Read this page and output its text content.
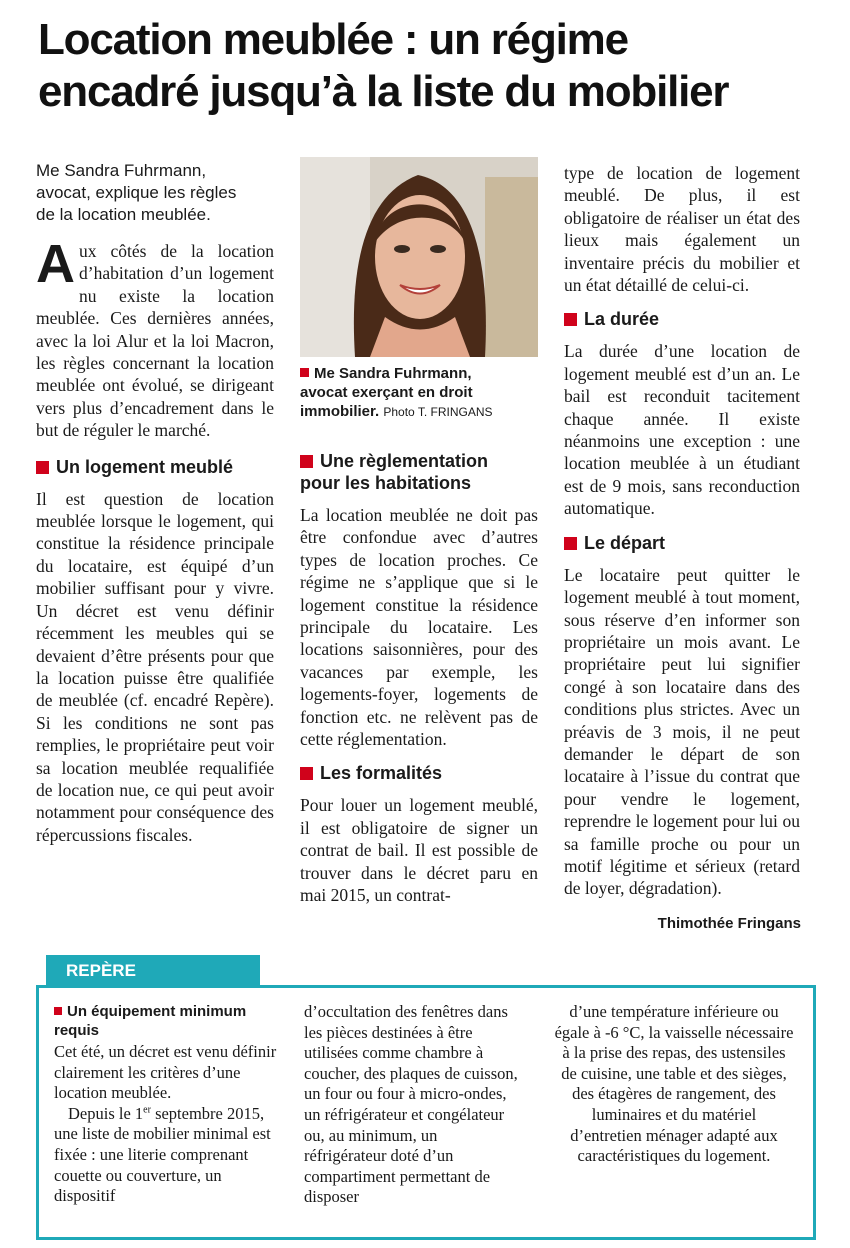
Location meublée : un régime
encadré jusqu’à la liste du mobilier
Me Sandra Fuhrmann,
avocat, explique les règles
de la location meublée.

Aux côtés de la location d’habitation d’un logement nu existe la location meublée. Ces dernières années, avec la loi Alur et la loi Macron, les règles concernant la location meublée ont évolué, se dirigeant vers plus d’encadrement dans le but de réguler le marché.

Un logement meublé

Il est question de location meublée lorsque le logement, qui constitue la résidence principale du locataire, est équipé d’un mobilier suffisant pour y vivre. Un décret est venu définir récemment les meubles qui se devaient d’être présents pour que la location puisse être qualifiée de meublée (cf. encadré Repère). Si les conditions ne sont pas remplies, le propriétaire peut voir sa location meublée requalifiée de location nue, ce qui peut avoir notamment pour conséquence des répercussions fiscales.

Me Sandra Fuhrmann,
avocat exerçant en droit
immobilier. Photo T. FRINGANS
Une règlementation
pour les habitations

La location meublée ne doit pas être confondue avec d’autres types de location proches. Ce régime ne s’applique que si le logement constitue la résidence principale du locataire. Les locations saisonnières, pour des vacances par exemple, les logements-foyer, logements de fonction etc. ne relèvent pas de cette réglementation.

Les formalités

Pour louer un logement meublé, il est obligatoire de signer un contrat de bail. Il est possible de trouver dans le décret paru en mai 2015, un contrat-

type de location de logement meublé. De plus, il est obligatoire de réaliser un état des lieux mais également un inventaire précis du mobilier et un état détaillé de celui-ci.

La durée

La durée d’une location de logement meublé est d’un an. Le bail est reconduit tacitement chaque année. Il existe néanmoins une exception : une location meublée à un étudiant est de 9 mois, sans reconduction automatique.

Le départ

Le locataire peut quitter le logement meublé à tout moment, sous réserve d’en informer son propriétaire un mois avant. Le propriétaire peut lui signifier congé à son locataire dans des conditions plus strictes. Avec un préavis de 3 mois, il ne peut demander le départ de son locataire à l’issue du contrat que pour vendre le logement, reprendre le logement pour lui ou sa famille proche ou pour un motif légitime et sérieux (retard de loyer, dégradation).

Thimothée Fringans
REPÈRE
Un équipement minimum requis

Cet été, un décret est venu définir clairement les critères d’une location meublée.

Depuis le 1er septembre 2015, une liste de mobilier minimal est fixée : une literie comprenant couette ou couverture, un dispositif

d’occultation des fenêtres dans les pièces destinées à être utilisées comme chambre à coucher, des plaques de cuisson, un four ou four à micro-ondes, un réfrigérateur et congélateur ou, au minimum, un réfrigérateur doté d’un compartiment permettant de disposer

d’une température inférieure ou égale à -6 °C, la vaisselle nécessaire à la prise des repas, des ustensiles de cuisine, une table et des sièges, des étagères de rangement, des luminaires et du matériel d’entretien ménager adapté aux caractéristiques du logement.
